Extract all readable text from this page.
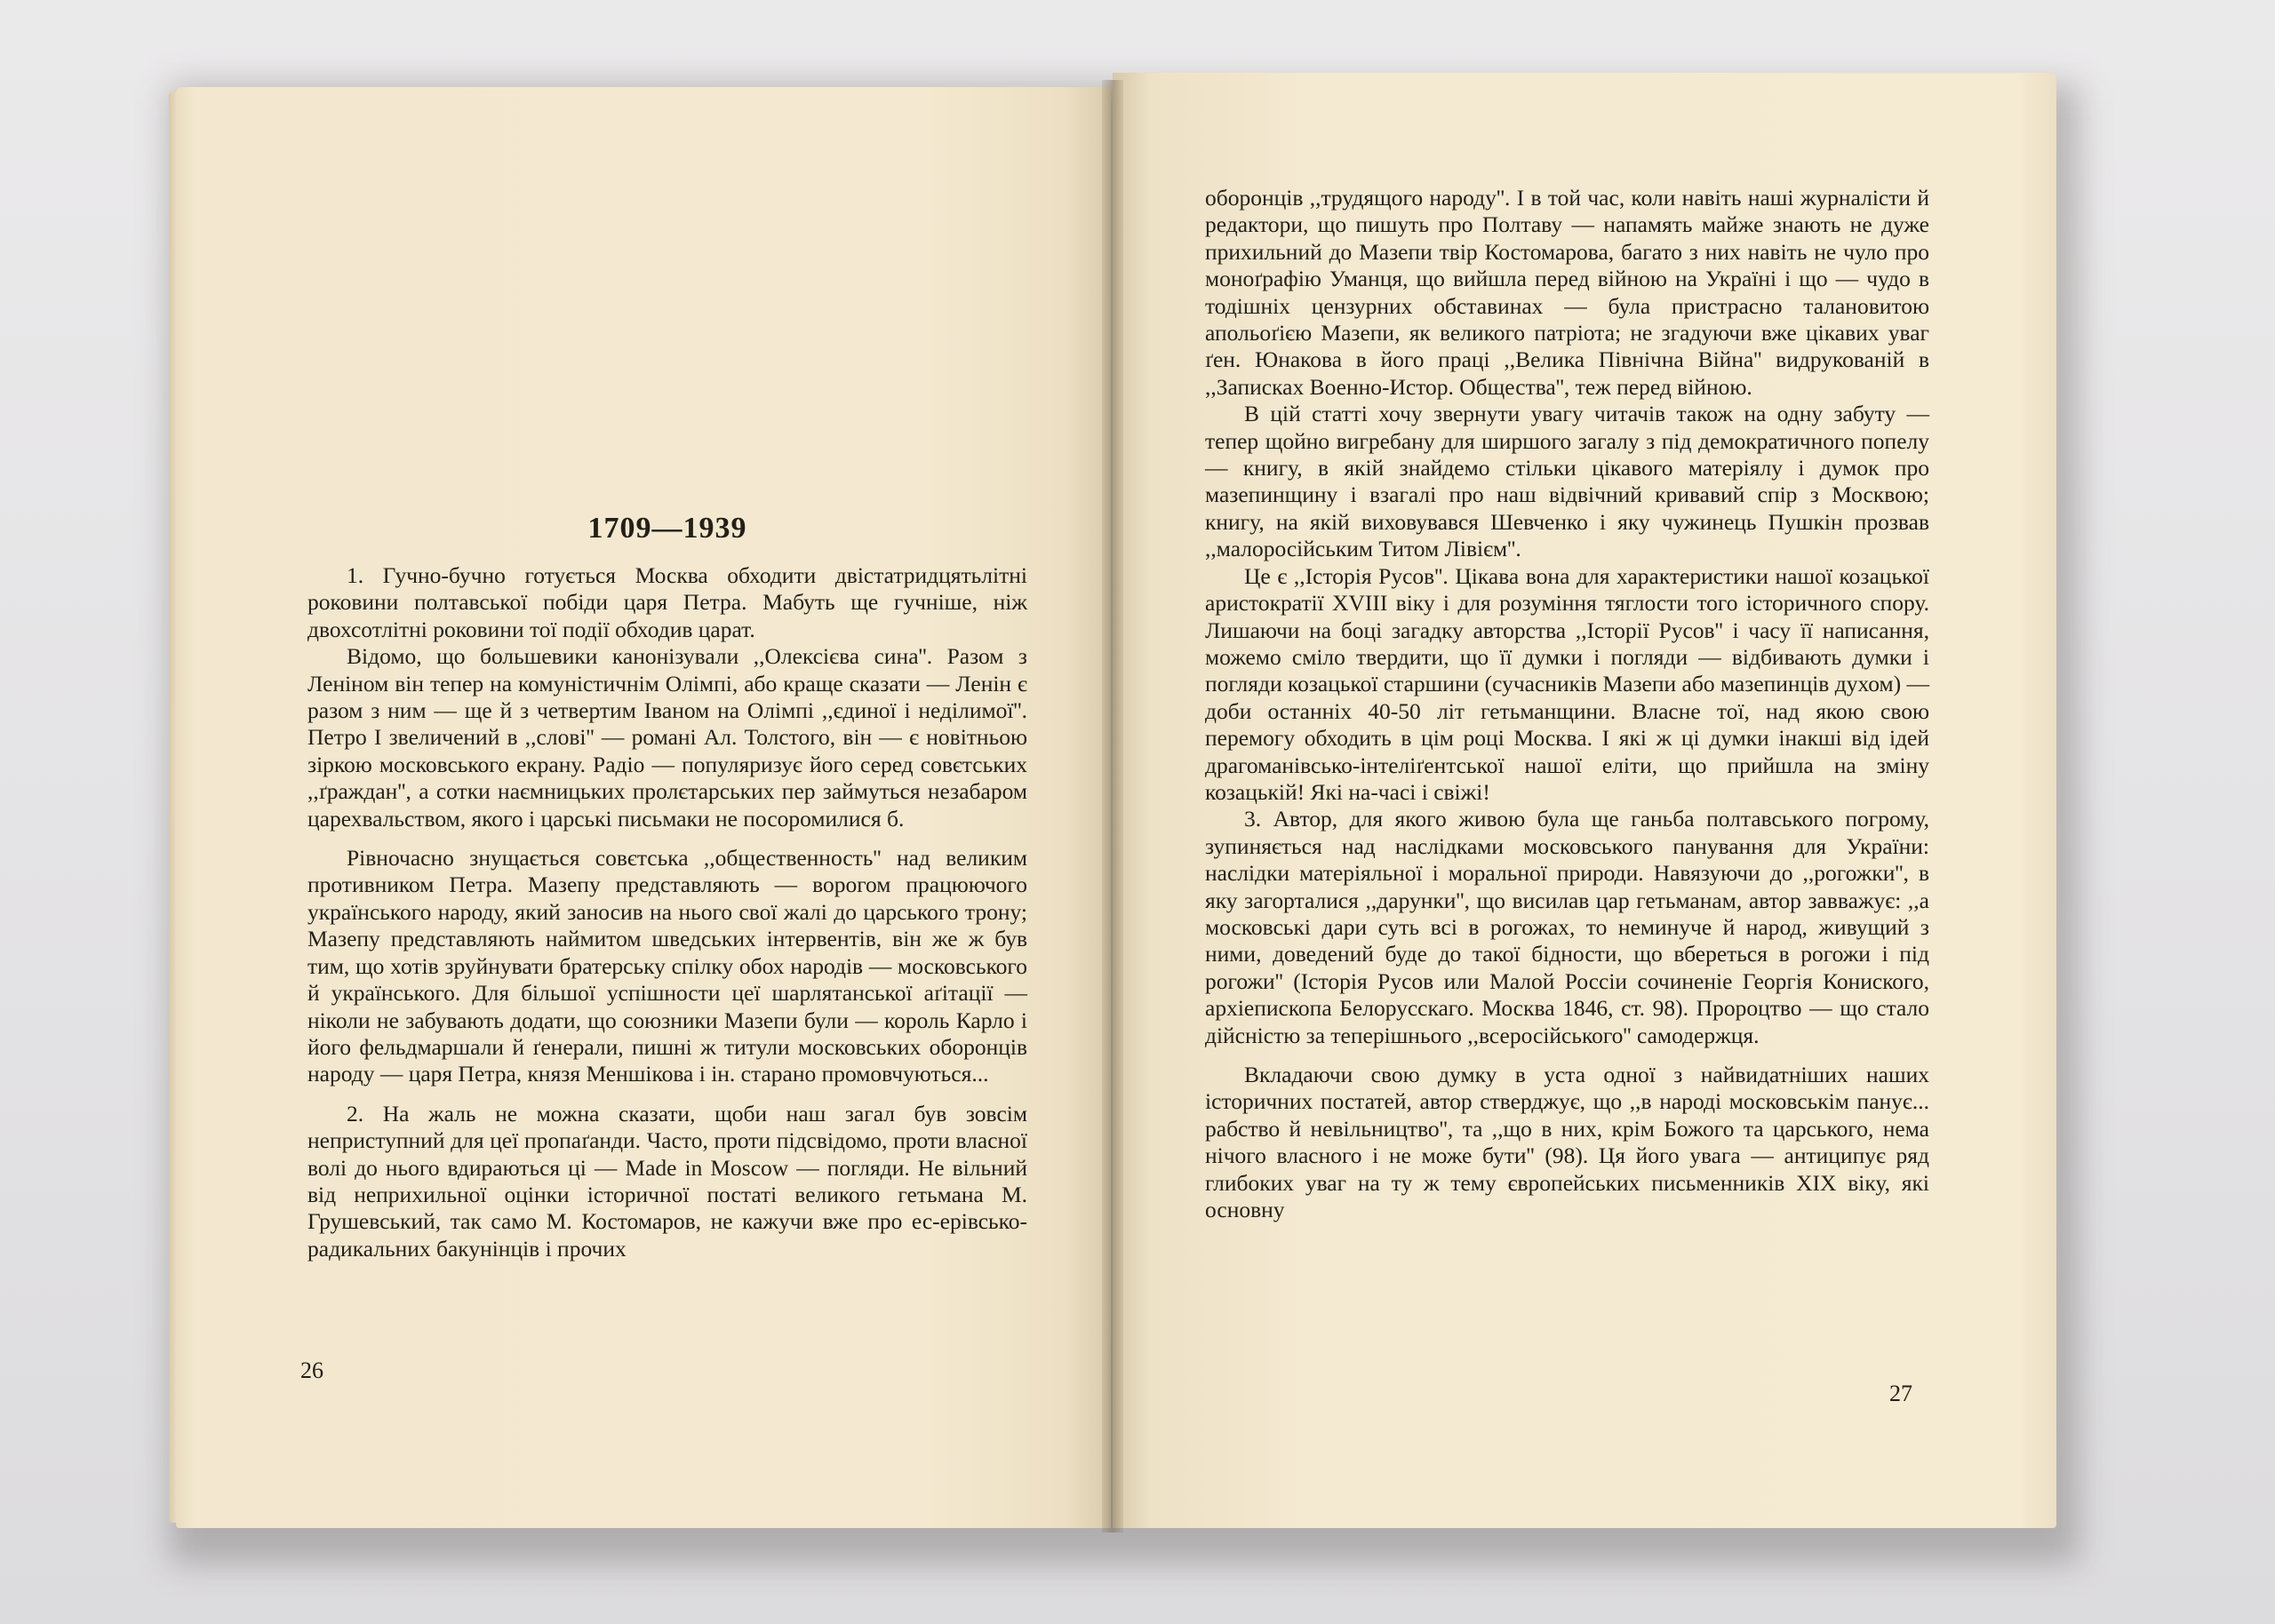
1709—1939

1. Гучно-бучно готується Москва обходити двістатридцятьлітні роковини полтавської побіди царя Петра. Мабуть ще гучніше, ніж двохсотлітні роковини тої події обходив царат.

Відомо, що большевики канонізували ,,Олексієва сина''. Разом з Леніном він тепер на комуністичнім Олімпі, або краще сказати — Ленін є разом з ним — ще й з четвертим Іваном на Олімпі ,,єдиної і неділимої''. Петро I звеличений в ,,слові'' — романі Ал. Толстого, він — є новітньою зіркою московського екрану. Радіо — популяризує його серед совєтських ,,ґраждан'', а сотки наємницьких пролєтарських пер займуться незабаром царехвальством, якого і царські письмаки не посоромилися б.

Рівночасно знущається совєтська ,,общественность'' над великим противником Петра. Мазепу представляють — ворогом працюючого українського народу, який заносив на нього свої жалі до царського трону; Мазепу представляють наймитом шведських інтервентів, він же ж був тим, що хотів зруйнувати братерську спілку обох народів — московського й українського. Для більшої успішности цеї шарлятанської аґітації — ніколи не забувають додати, що союзники Мазепи були — король Карло і його фельдмаршали й ґенерали, пишні ж титули московських оборонців народу — царя Петра, князя Меншікова і ін. старано промовчуються...

2. На жаль не можна сказати, щоби наш загал був зовсім неприступний для цеї пропаґанди. Часто, проти підсвідомо, проти власної волі до нього вдираються ці — Made in Moscow — погляди. Не вільний від неприхильної оцінки історичної постаті великого гетьмана М. Грушевський, так само М. Костомаров, не кажучи вже про ес-ерівсько-радикальних бакунінців і прочих

26

оборонців ,,трудящого народу''. І в той час, коли навіть наші журналісти й редактори, що пишуть про Полтаву — напамять майже знають не дуже прихильний до Мазепи твір Костомарова, багато з них навіть не чуло про моноґрафію Уманця, що вийшла перед війною на Україні і що — чудо в тодішніх цензурних обставинах — була пристрасно талановитою апольоґією Мазепи, як великого патріота; не згадуючи вже цікавих уваг ґен. Юнакова в його праці ,,Велика Північна Війна'' видрукованій в ,,Записках Военно-Истор. Общества'', теж перед війною.

В цій статті хочу звернути увагу читачів також на одну забуту — тепер щойно вигребану для ширшого загалу з під демократичного попелу — книгу, в якій знайдемо стільки цікавого матеріялу і думок про мазепинщину і взагалі про наш відвічний кривавий спір з Москвою; книгу, на якій виховувався Шевченко і яку чужинець Пушкін прозвав ,,малоросійським Титом Лівієм''.

Це є ,,Історія Русов''. Цікава вона для характеристики нашої козацької аристократії XVIII віку і для розуміння тяглости того історичного спору. Лишаючи на боці загадку авторства ,,Історії Русов'' і часу її написання, можемо сміло твердити, що її думки і погляди — відбивають думки і погляди козацької старшини (сучасників Мазепи або мазепинців духом) — доби останніх 40-50 літ гетьманщини. Власне тої, над якою свою перемогу обходить в цім році Москва. І які ж ці думки інакші від ідей драгоманівсько-інтеліґентської нашої еліти, що прийшла на зміну козацькій! Які на-часі і свіжі!

3. Автор, для якого живою була ще ганьба полтавського погрому, зупиняється над наслідками московського панування для України: наслідки матеріяльної і моральної природи. Навязуючи до ,,рогожки'', в яку загорталися ,,дарунки'', що висилав цар гетьманам, автор завважує: ,,а московські дари суть всі в рогожах, то неминуче й народ, живущий з ними, доведений буде до такої бідности, що вбереться в рогожи і під рогожи'' (Історія Русов или Малой Россіи сочиненіе Георгія Кониского, архіепископа Белорусскаго. Москва 1846, ст. 98). Пророцтво — що стало дійсністю за теперішнього ,,всеросійського'' самодержця.

Вкладаючи свою думку в уста одної з найвидатніших наших історичних постатей, автор стверджує, що ,,в народі московськім панує... рабство й невільництво'', та ,,що в них, крім Божого та царського, нема нічого власного і не може бути'' (98). Ця його увага — антиципує ряд глибоких уваг на ту ж тему європейських письменників XIX віку, які основну

27
